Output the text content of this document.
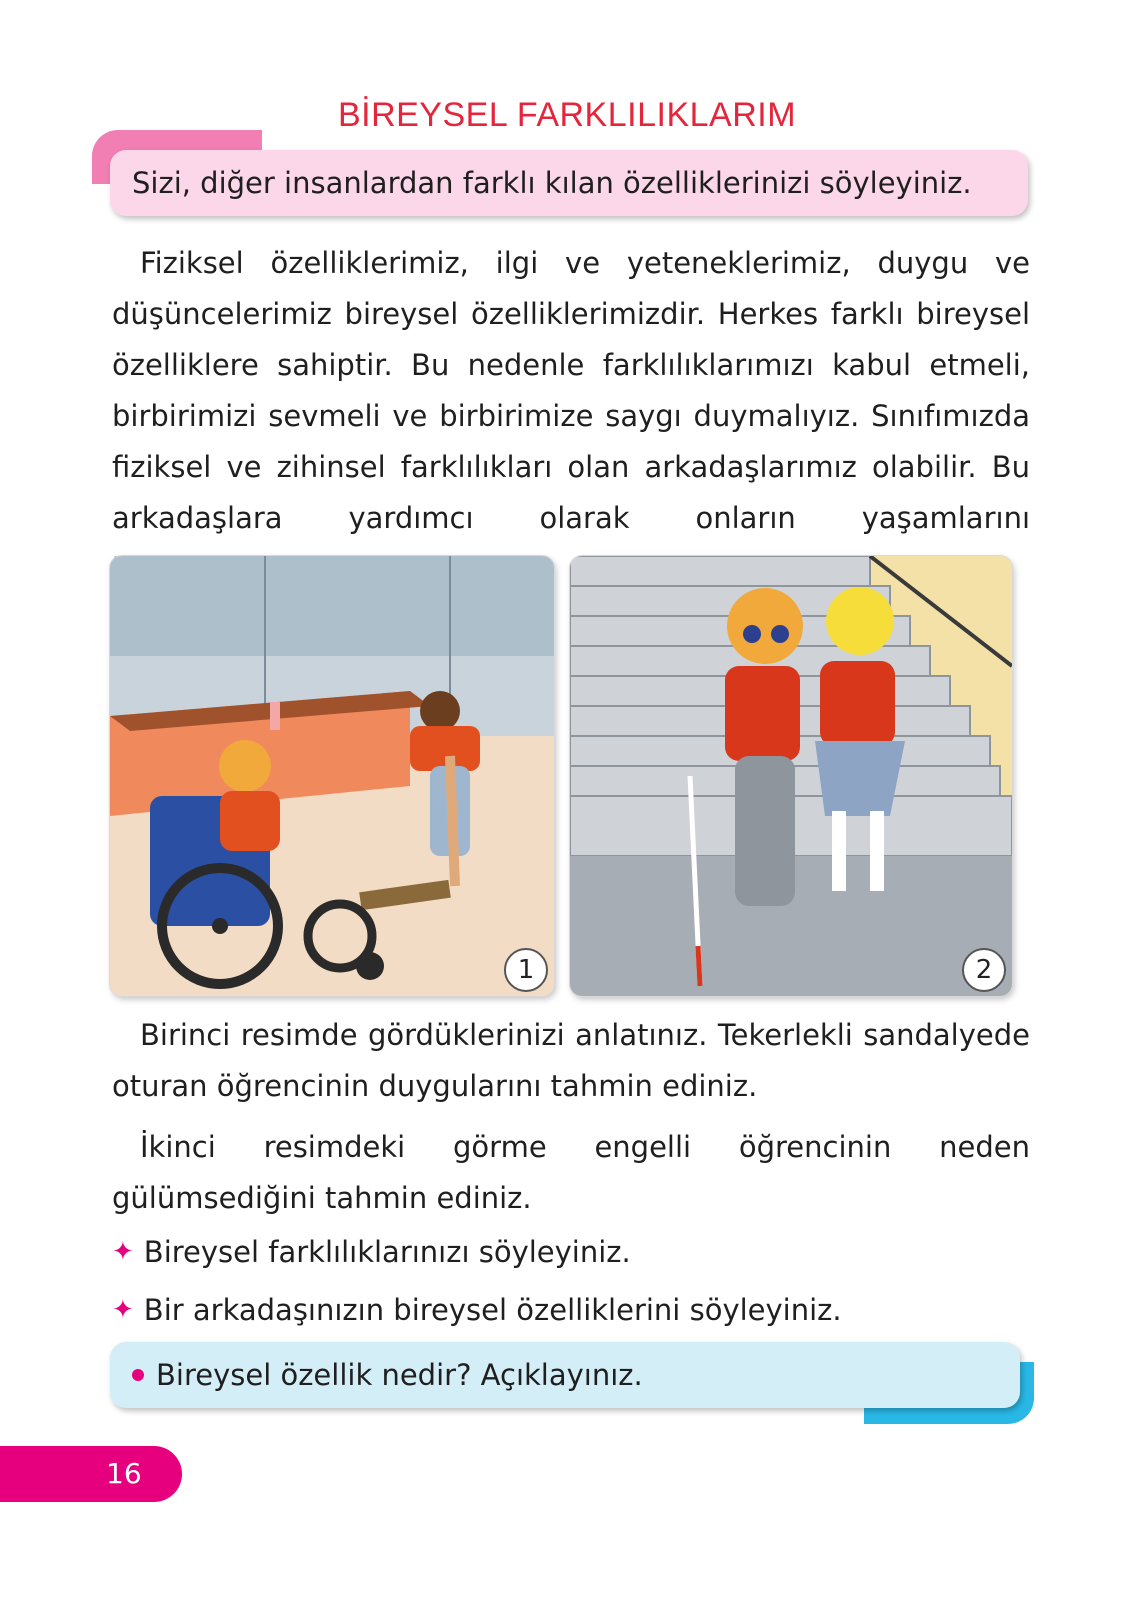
BİREYSEL FARKLILIKLARIM
Sizi, diğer insanlardan farklı kılan özelliklerinizi söyleyiniz.
Fiziksel özelliklerimiz, ilgi ve yeteneklerimiz, duygu ve düşüncelerimiz bireysel özelliklerimizdir. Herkes farklı bireysel özelliklere sahiptir. Bu nedenle farklılıklarımızı kabul etmeli, birbirimizi sevmeli ve birbirimize saygı duymalıyız. Sınıfımızda fiziksel ve zihinsel farklılıkları olan arkadaşlarımız olabilir. Bu arkadaşlara yardımcı olarak onların yaşamlarını
1	2
Birinci resimde gördüklerinizi anlatınız. Tekerlekli sandalyede oturan öğrencinin duygularını tahmin ediniz.
İkinci resimdeki görme engelli öğrencinin neden gülümsediğini tahmin ediniz.
✦ Bireysel farklılıklarınızı söyleyiniz.
✦ Bir arkadaşınızın bireysel özelliklerini söyleyiniz.
Bireysel özellik nedir? Açıklayınız.
16
